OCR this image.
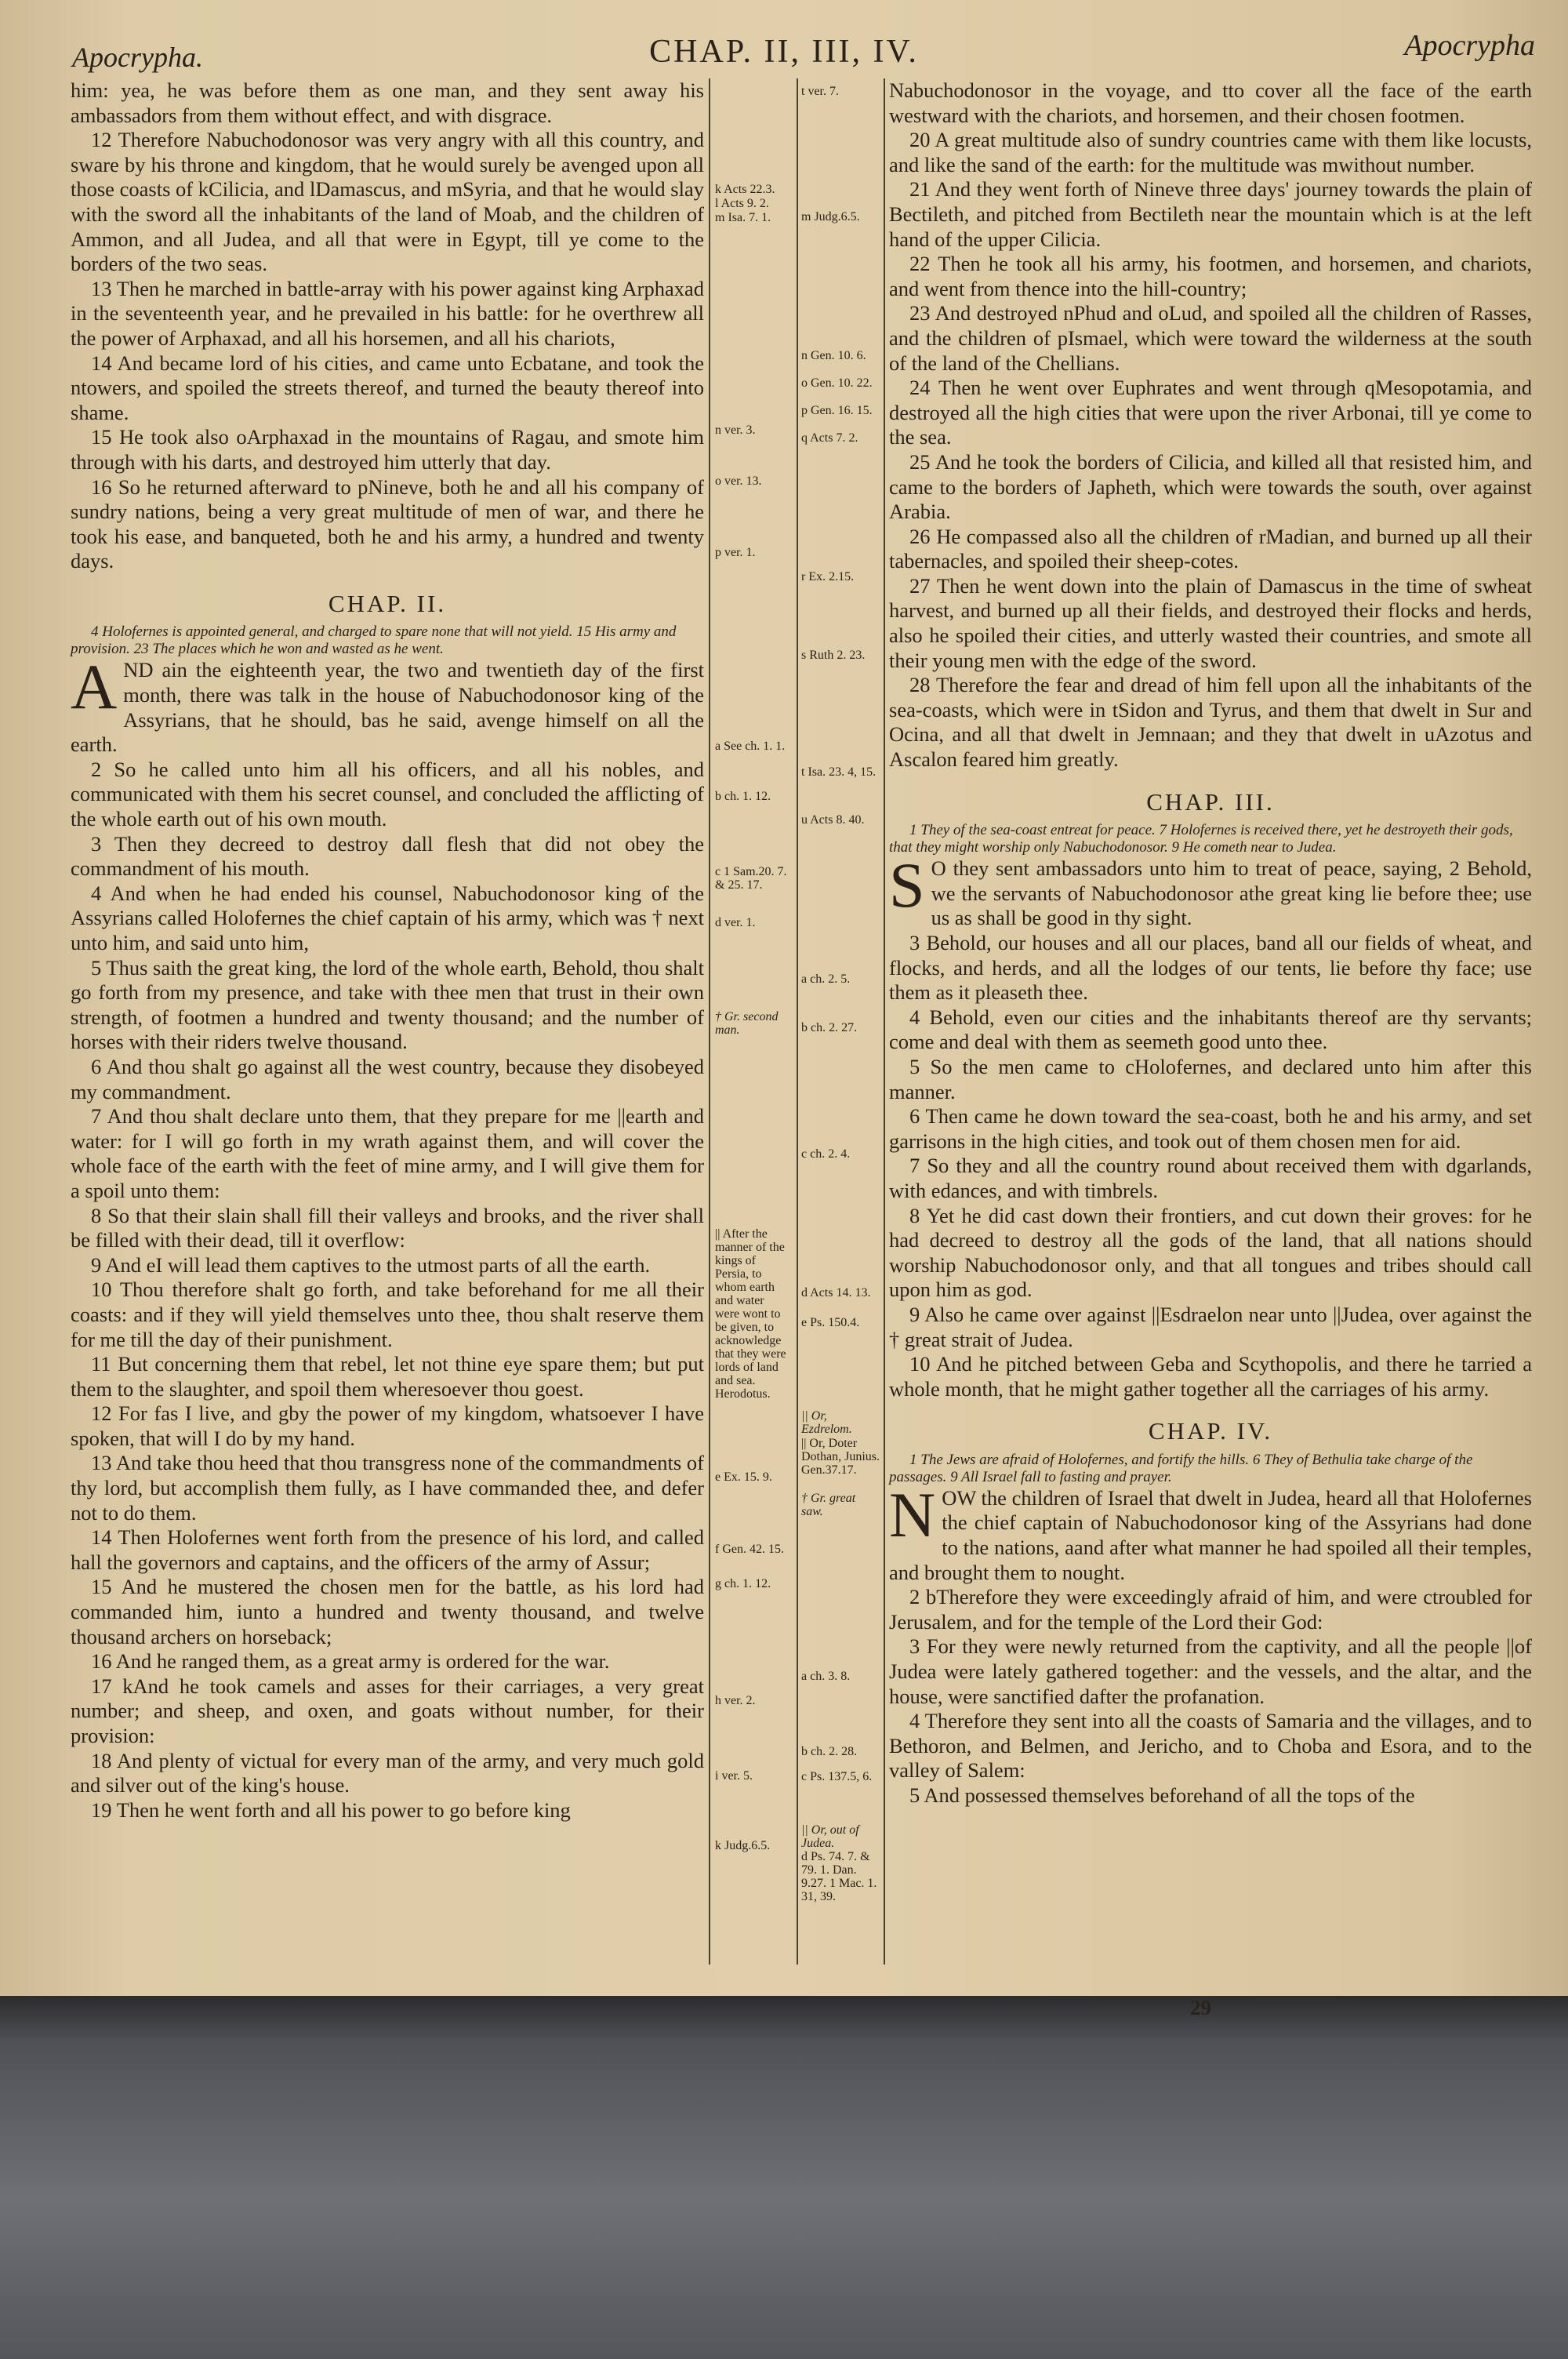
Apocrypha.	CHAP. II, III, IV.	Apocrypha

him: yea, he was before them as one man, and they sent away his ambassadors from them without effect, and with disgrace.

12 Therefore Nabuchodonosor was very angry with all this country, and sware by his throne and kingdom, that he would surely be avenged upon all those coasts of kCilicia, and lDamascus, and mSyria, and that he would slay with the sword all the inhabitants of the land of Moab, and the children of Ammon, and all Judea, and all that were in Egypt, till ye come to the borders of the two seas.

13 Then he marched in battle-array with his power against king Arphaxad in the seventeenth year, and he prevailed in his battle: for he overthrew all the power of Arphaxad, and all his horsemen, and all his chariots,

14 And became lord of his cities, and came unto Ecbatane, and took the ntowers, and spoiled the streets thereof, and turned the beauty thereof into shame.

15 He took also oArphaxad in the mountains of Ragau, and smote him through with his darts, and destroyed him utterly that day.

16 So he returned afterward to pNineve, both he and all his company of sundry nations, being a very great multitude of men of war, and there he took his ease, and banqueted, both he and his army, a hundred and twenty days.

CHAP. II.

4 Holofernes is appointed general, and charged to spare none that will not yield. 15 His army and provision. 23 The places which he won and wasted as he went.

AND ain the eighteenth year, the two and twentieth day of the first month, there was talk in the house of Nabuchodonosor king of the Assyrians, that he should, bas he said, avenge himself on all the earth.

2 So he called unto him all his officers, and all his nobles, and communicated with them his secret counsel, and concluded the afflicting of the whole earth out of his own mouth.

3 Then they decreed to destroy dall flesh that did not obey the commandment of his mouth.

4 And when he had ended his counsel, Nabuchodonosor king of the Assyrians called Holofernes the chief captain of his army, which was † next unto him, and said unto him,

5 Thus saith the great king, the lord of the whole earth, Behold, thou shalt go forth from my presence, and take with thee men that trust in their own strength, of footmen a hundred and twenty thousand; and the number of horses with their riders twelve thousand.

6 And thou shalt go against all the west country, because they disobeyed my commandment.

7 And thou shalt declare unto them, that they prepare for me ||earth and water: for I will go forth in my wrath against them, and will cover the whole face of the earth with the feet of mine army, and I will give them for a spoil unto them:

8 So that their slain shall fill their valleys and brooks, and the river shall be filled with their dead, till it overflow:

9 And eI will lead them captives to the utmost parts of all the earth.

10 Thou therefore shalt go forth, and take beforehand for me all their coasts: and if they will yield themselves unto thee, thou shalt reserve them for me till the day of their punishment.

11 But concerning them that rebel, let not thine eye spare them; but put them to the slaughter, and spoil them wheresoever thou goest.

12 For fas I live, and gby the power of my kingdom, whatsoever I have spoken, that will I do by my hand.

13 And take thou heed that thou transgress none of the commandments of thy lord, but accomplish them fully, as I have commanded thee, and defer not to do them.

14 Then Holofernes went forth from the presence of his lord, and called hall the governors and captains, and the officers of the army of Assur;

15 And he mustered the chosen men for the battle, as his lord had commanded him, iunto a hundred and twenty thousand, and twelve thousand archers on horseback;

16 And he ranged them, as a great army is ordered for the war.

17 kAnd he took camels and asses for their carriages, a very great number; and sheep, and oxen, and goats without number, for their provision:

18 And plenty of victual for every man of the army, and very much gold and silver out of the king's house.

19 Then he went forth and all his power to go before king

k Acts 22.3.
l Acts 9. 2.
m Isa. 7. 1.
n ver. 3.
o ver. 13.
p ver. 1.
a See ch. 1. 1.
b ch. 1. 12.
c 1 Sam.20. 7. & 25. 17.
d ver. 1.
† Gr. second man.
|| After the manner of the kings of Persia, to whom earth and water were wont to be given, to acknowledge that they were lords of land and sea. Herodotus.
e Ex. 15. 9.
f Gen. 42. 15.
g ch. 1. 12.
h ver. 2.
i ver. 5.
k Judg.6.5.
t ver. 7.
m Judg.6.5.
n Gen. 10. 6.
o Gen. 10. 22.
p Gen. 16. 15.
q Acts 7. 2.
r Ex. 2.15.
s Ruth 2. 23.
t Isa. 23. 4, 15.
u Acts 8. 40.
a ch. 2. 5.
b ch. 2. 27.
c ch. 2. 4.
d Acts 14. 13.
e Ps. 150.4.
|| Or, Ezdrelom.
|| Or, Doter Dothan, Junius. Gen.37.17.
† Gr. great saw.
a ch. 3. 8.
b ch. 2. 28.
c Ps. 137.5, 6.
|| Or, out of Judea.
d Ps. 74. 7. & 79. 1. Dan. 9.27. 1 Mac. 1. 31, 39.

Nabuchodonosor in the voyage, and tto cover all the face of the earth westward with the chariots, and horsemen, and their chosen footmen.

20 A great multitude also of sundry countries came with them like locusts, and like the sand of the earth: for the multitude was mwithout number.

21 And they went forth of Nineve three days' journey towards the plain of Bectileth, and pitched from Bectileth near the mountain which is at the left hand of the upper Cilicia.

22 Then he took all his army, his footmen, and horsemen, and chariots, and went from thence into the hill-country;

23 And destroyed nPhud and oLud, and spoiled all the children of Rasses, and the children of pIsmael, which were toward the wilderness at the south of the land of the Chellians.

24 Then he went over Euphrates and went through qMesopotamia, and destroyed all the high cities that were upon the river Arbonai, till ye come to the sea.

25 And he took the borders of Cilicia, and killed all that resisted him, and came to the borders of Japheth, which were towards the south, over against Arabia.

26 He compassed also all the children of rMadian, and burned up all their tabernacles, and spoiled their sheep-cotes.

27 Then he went down into the plain of Damascus in the time of swheat harvest, and burned up all their fields, and destroyed their flocks and herds, also he spoiled their cities, and utterly wasted their countries, and smote all their young men with the edge of the sword.

28 Therefore the fear and dread of him fell upon all the inhabitants of the sea-coasts, which were in tSidon and Tyrus, and them that dwelt in Sur and Ocina, and all that dwelt in Jemnaan; and they that dwelt in uAzotus and Ascalon feared him greatly.

CHAP. III.

1 They of the sea-coast entreat for peace. 7 Holofernes is received there, yet he destroyeth their gods, that they might worship only Nabuchodonosor. 9 He cometh near to Judea.

S O they sent ambassadors unto him to treat of peace, saying, 2 Behold, we the servants of Nabuchodonosor athe great king lie before thee; use us as shall be good in thy sight.

3 Behold, our houses and all our places, band all our fields of wheat, and flocks, and herds, and all the lodges of our tents, lie before thy face; use them as it pleaseth thee.

4 Behold, even our cities and the inhabitants thereof are thy servants; come and deal with them as seemeth good unto thee.

5 So the men came to cHolofernes, and declared unto him after this manner.

6 Then came he down toward the sea-coast, both he and his army, and set garrisons in the high cities, and took out of them chosen men for aid.

7 So they and all the country round about received them with dgarlands, with edances, and with timbrels.

8 Yet he did cast down their frontiers, and cut down their groves: for he had decreed to destroy all the gods of the land, that all nations should worship Nabuchodonosor only, and that all tongues and tribes should call upon him as god.

9 Also he came over against ||Esdraelon near unto ||Judea, over against the † great strait of Judea.

10 And he pitched between Geba and Scythopolis, and there he tarried a whole month, that he might gather together all the carriages of his army.

CHAP. IV.

1 The Jews are afraid of Holofernes, and fortify the hills. 6 They of Bethulia take charge of the passages. 9 All Israel fall to fasting and prayer.

NOW the children of Israel that dwelt in Judea, heard all that Holofernes the chief captain of Nabuchodonosor king of the Assyrians had done to the nations, aand after what manner he had spoiled all their temples, and brought them to nought.

2 bTherefore they were exceedingly afraid of him, and were ctroubled for Jerusalem, and for the temple of the Lord their God:

3 For they were newly returned from the captivity, and all the people ||of Judea were lately gathered together: and the vessels, and the altar, and the house, were sanctified dafter the profanation.

4 Therefore they sent into all the coasts of Samaria and the villages, and to Bethoron, and Belmen, and Jericho, and to Choba and Esora, and to the valley of Salem:

5 And possessed themselves beforehand of all the tops of the

29
